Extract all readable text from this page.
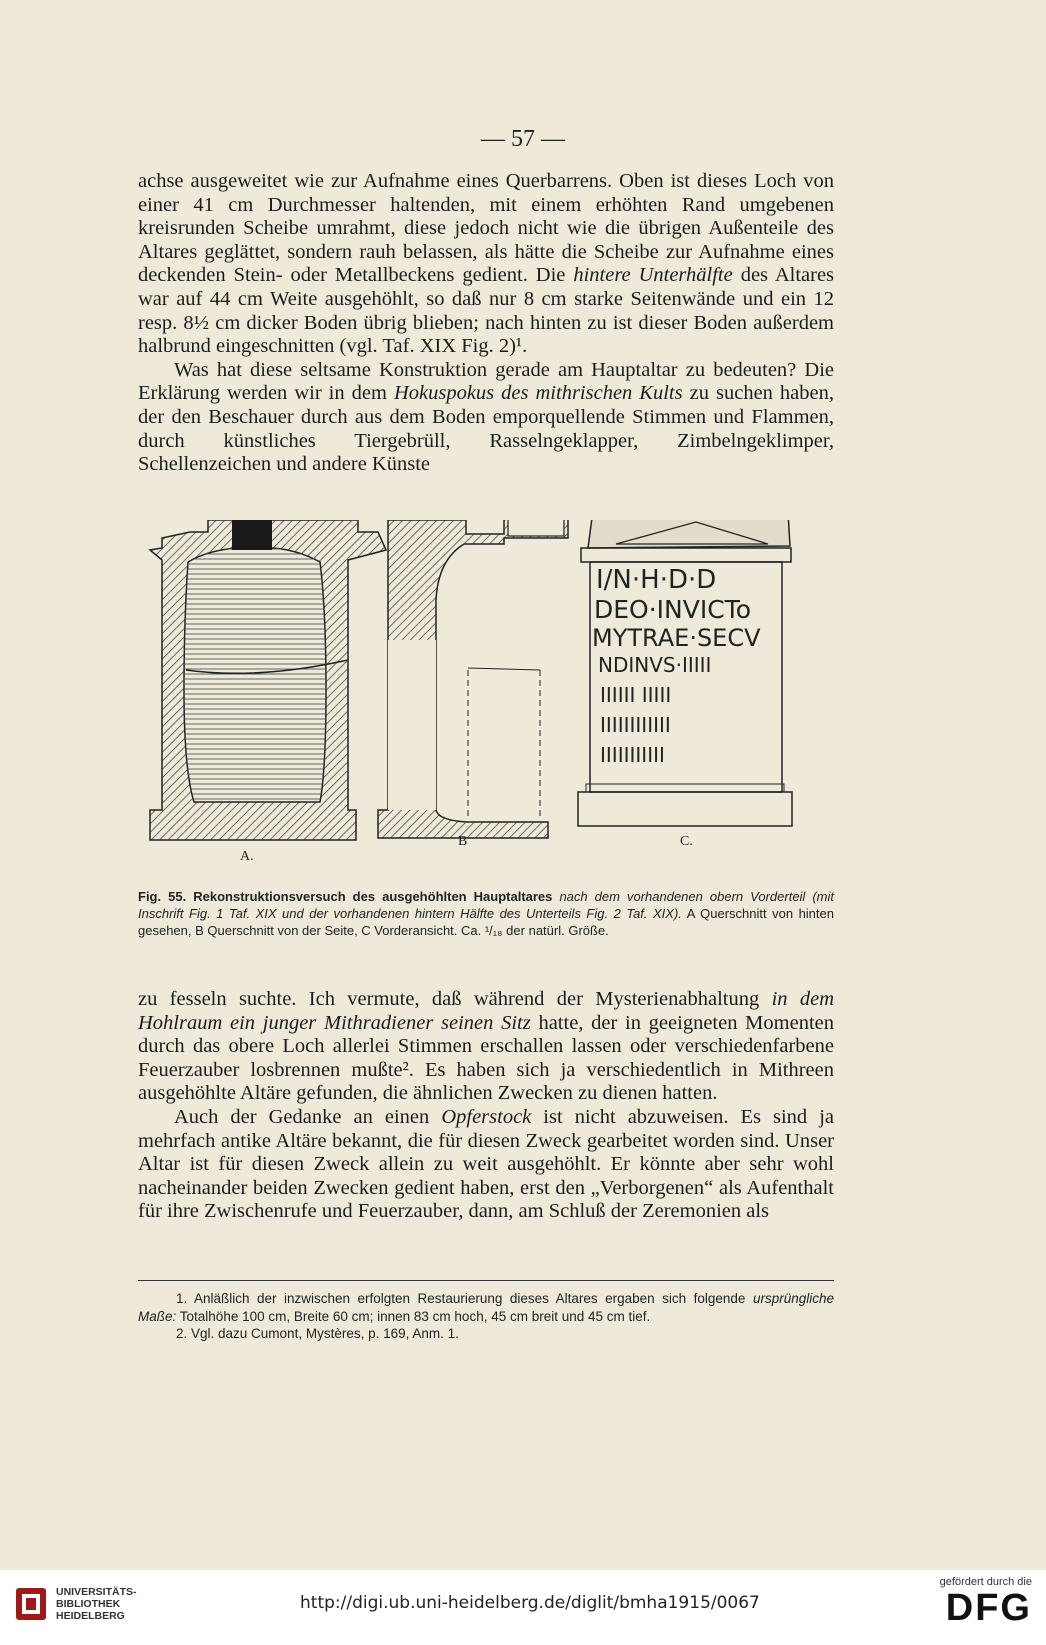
— 57 —

achse ausgeweitet wie zur Aufnahme eines Querbarrens. Oben ist dieses Loch von einer 41 cm Durchmesser haltenden, mit einem erhöhten Rand umgebenen kreisrunden Scheibe umrahmt, diese jedoch nicht wie die übrigen Außenteile des Altares geglättet, sondern rauh belassen, als hätte die Scheibe zur Aufnahme eines deckenden Stein- oder Metallbeckens gedient. Die hintere Unterhälfte des Altares war auf 44 cm Weite ausgehöhlt, so daß nur 8 cm starke Seitenwände und ein 12 resp. 8½ cm dicker Boden übrig blieben; nach hinten zu ist dieser Boden außerdem halbrund eingeschnitten (vgl. Taf. XIX Fig. 2)¹.

Was hat diese seltsame Konstruktion gerade am Hauptaltar zu bedeuten? Die Erklärung werden wir in dem Hokuspokus des mithrischen Kults zu suchen haben, der den Beschauer durch aus dem Boden emporquellende Stimmen und Flammen, durch künstliches Tiergebrüll, Rasselngeklapper, Zimbelngeklimper, Schellenzeichen und andere Künste

A.
B
I/N·H·D·D
DEO·INVICTo
MYTRAE·SECV
NDINVS·IIIII
IIIIII IIIII
IIIIIIIIIIII
IIIIIIIIIII
C.
Fig. 55. Rekonstruktionsversuch des ausgehöhlten Hauptaltares nach dem vorhandenen obern Vorderteil (mit Inschrift Fig. 1 Taf. XIX und der vorhandenen hintern Hälfte des Unterteils Fig. 2 Taf. XIX). A Querschnitt von hinten gesehen, B Querschnitt von der Seite, C Vorderansicht. Ca. ¹/₁₈ der natürl. Größe.

zu fesseln suchte. Ich vermute, daß während der Mysterienabhaltung in dem Hohlraum ein junger Mithradiener seinen Sitz hatte, der in geeigneten Momenten durch das obere Loch allerlei Stimmen erschallen lassen oder verschiedenfarbene Feuerzauber losbrennen mußte². Es haben sich ja verschiedentlich in Mithreen ausgehöhlte Altäre gefunden, die ähnlichen Zwecken zu dienen hatten.

Auch der Gedanke an einen Opferstock ist nicht abzuweisen. Es sind ja mehrfach antike Altäre bekannt, die für diesen Zweck gearbeitet worden sind. Unser Altar ist für diesen Zweck allein zu weit ausgehöhlt. Er könnte aber sehr wohl nacheinander beiden Zwecken gedient haben, erst den „Verborgenen“ als Aufenthalt für ihre Zwischenrufe und Feuerzauber, dann, am Schluß der Zeremonien als

1. Anläßlich der inzwischen erfolgten Restaurierung dieses Altares ergaben sich folgende ursprüngliche Maße: Totalhöhe 100 cm, Breite 60 cm; innen 83 cm hoch, 45 cm breit und 45 cm tief.

2. Vgl. dazu Cumont, Mystères, p. 169, Anm. 1.

UNIVERSITÄTS-
BIBLIOTHEK
HEIDELBERG
http://digi.ub.uni-heidelberg.de/diglit/bmha1915/0067
gefördert durch die
DFG
